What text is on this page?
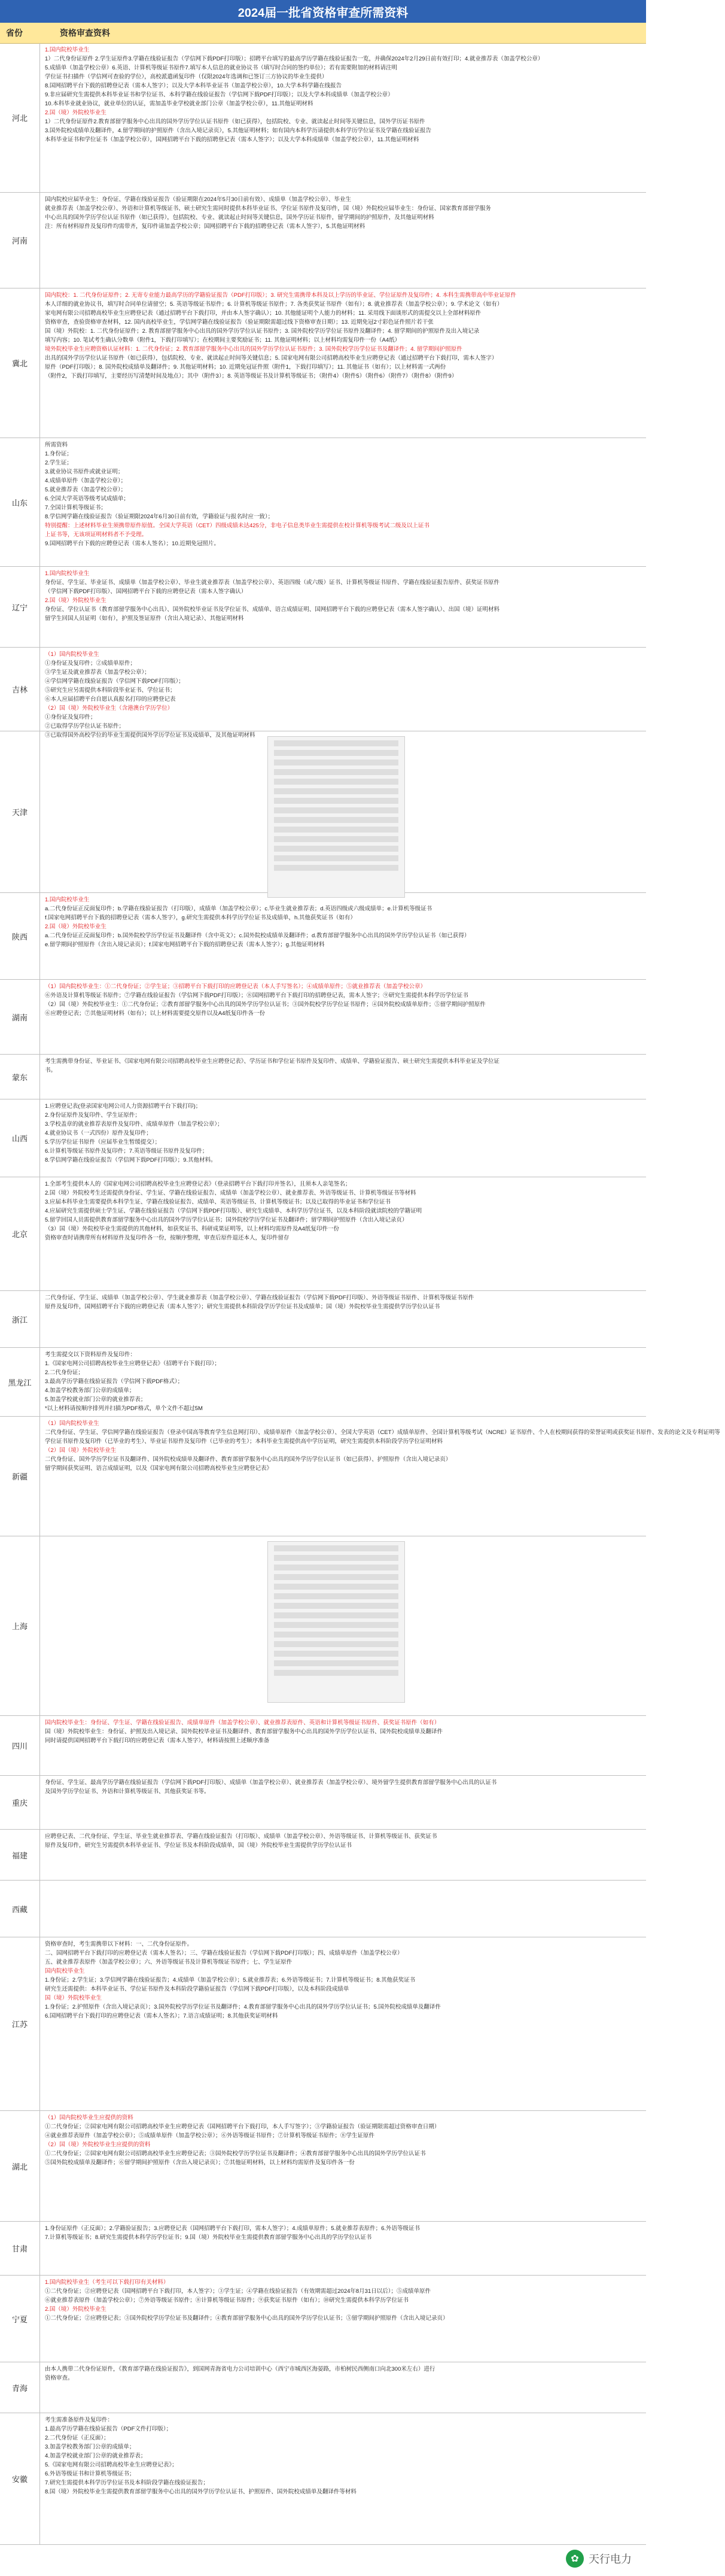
2024届一批省资格审查所需资料
省份	资格审查资料
河北
1.国内院校毕业生
1）二代身份证原件 2.学生证原件3.学籍在线验证报告（学信网下载PDF打印版）；招聘平台填写的最高学历学籍在线验证报告一览，并确保2024年2月29日前有效打印；4.就业推荐表（加盖学校公章）
5.成绩单（加盖学校公章）6.英语、计算机等级证书原件7.填写本人信息的就业协议书（填写时合同的签约单位）；若有需要附加的材料请注明
学位证书扫描件（学信网可查验的学位），高校派遣函复印件（仅限2024年选调和已签订三方协议的毕业生提供）
8.国网招聘平台下载的招聘登记表（需本人签字）；以及大学本科毕业证书（加盖学校公章），10.大学本科学籍在线报告
9.非应届研究生需提供本科毕业证书和学位证书、本科学籍在线验证报告（学信网下载PDF打印版）；以及大学本科成绩单（加盖学校公章）
10.本科毕业就业协议，就业单位的认证，需加盖毕业学校就业部门公章（加盖学校公章），11.其他证明材料
2.国（境）外院校毕业生
1）二代身份证原件2.教育部留学服务中心出具的国外学历学位认证书原件（如已获得），包括院校、专业、就读起止时间等关键信息，国外学历证书原件
3.国外院校成绩单及翻译件，4.留学期间的护照原件（含出入境记录页），5.其他证明材料；如有国内本科学历请提供本科学历学位证书及学籍在线验证报告
本科毕业证书和学位证书（加盖学校公章），国网招聘平台下载的招聘登记表（需本人签字）；以及大学本科成绩单（加盖学校公章），11.其他证明材料
河南
国内院校应届毕业生：身份证、学籍在线验证报告（验证期限在2024年5月30日前有效）、成绩单（加盖学校公章）、毕业生
就业推荐表（加盖学校公章）、外语和计算机等级证书、硕士研究生需同时提供本科毕业证书、学位证书原件及复印件，国（境）外院校应届毕业生：身份证、国家教育部留学服务
中心出具的国外学历学位认证书原件（如已获得），包括院校、专业、就读起止时间等关键信息，国外学历证书原件，留学期间的护照原件，及其他证明材料
注：所有材料原件及复印件均需带齐，复印件请加盖学校公章；国网招聘平台下载的招聘登记表（需本人签字），5.其他证明材料
冀北
国内院校：1. 二代身份证原件；2. 无寄专业能力最高学历的学籍验证报告（PDF打印版）；3. 研究生需携带本科及以上学历的毕业证、学位证原件及复印件；4. 本科生需携带高中毕业证原件
本人详细的就业协议书，填写时合同单位请留空；5. 英语等级证书原件；6. 计算机等级证书原件；7. 各类获奖证书原件（如有）；8. 就业推荐表（加盖学校公章）；9. 学术论文（如有）
家电网有限公司招聘高校毕业生应聘登记表（通过招聘平台下载打印，并由本人签字确认）；10. 其他能证明个人能力的材料；11. 采用线下面谈形式的需提交以上全部材料原件
资格审查，查验资格审查材料，12. 国内高校毕业生，学信网学籍在线验证报告（验证期限需超过线下资格审查日期）；13. 近期免冠2寸彩色证件照片若干张
国（境）外院校：1. 二代身份证原件；2. 教育部留学服务中心出具的国外学历学位认证书原件；3. 国外院校学历学位证书原件及翻译件；4. 留学期间的护照原件及出入境记录
填写内容；10. 笔试考生确认分数单（附件1，下载打印填写）；在校期间主要奖励证书；11. 其他证明材料；以上材料均需复印件一份（A4纸）
境外院校毕业生应聘资格认证材料：1. 二代身份证；2. 教育部留学服务中心出具的国外学历学位认证书原件；3. 国外院校学历学位证书及翻译件；4. 留学期间护照原件
出具的国外学历学位认证书原件（如已获得），包括院校、专业、就读起止时间等关键信息；5. 国家电网有限公司招聘高校毕业生应聘登记表（通过招聘平台下载打印，需本人签字）
原件（PDF打印版）；8. 国外院校成绩单及翻译件；9. 其他证明材料；10. 近期免冠证件照（附件1，下载打印填写）；11. 其他证书（如有）；以上材料需一式两份
（附件2，下载打印填写，主要经历写清楚时间及地点）；其中（附件3）；8. 英语等级证书及计算机等级证书；（附件4）（附件5）（附件6）（附件7）（附件8）（附件9）
山东
所需资料
1.身份证；
2.学生证；
3.就业协议书原件或就业证明；
4.成绩单原件（加盖学校公章）；
5.就业推荐表（加盖学校公章）；
6.全国大学英语等级考试成绩单；
7.全国计算机等级证书；
8.学信网学籍在线验证报告（验证期限2024年6月30日前有效，学籍验证与报名时应一致）；
特别提醒：上述材料毕业生须携带原件原值。全国大学英语（CET）四级成绩未达425分，非电子信息类毕业生需提供在校计算机等级考试二级及以上证书
上证书等，无该项证明材料者不予受理。
9.国网招聘平台下载的应聘登记表（需本人签名）；10.近期免冠照片。
辽宁
1.国内院校毕业生
身份证、学生证、毕业证书、成绩单（加盖学校公章）、毕业生就业推荐表（加盖学校公章）、英语四级（或六级）证书、计算机等级证书原件、学籍在线验证报告原件、获奖证书原件
（学信网下载PDF打印版）、国网招聘平台下载的应聘登记表（需本人签字确认）
2.国（境）外院校毕业生
身份证、学位认证书（教育部留学服务中心出具）、国外院校毕业证书及学位证书、成绩单、语言成绩证明、国网招聘平台下载的应聘登记表（需本人签字确认）、出国（境）证明材料
留学生回国人员证明（如有），护照及签证原件（含出入境记录）、其他证明材料
吉林
（1）国内院校毕业生
①身份证及复印件；②成绩单原件；
③学生证及就业推荐表（加盖学校公章）；
④学信网学籍在线验证报告（学信网下载PDF打印版）；
⑤研究生应另需提供本科阶段毕业证书、学位证书；
⑥本人应届招聘平台自愿认真报名打印的应聘登记表
（2）国（境）外院校毕业生（含港澳台学历学位）
①身份证及复印件；
②已取得学历学位认证书原件；
③已取得国外高校学位的毕业生需提供国外学历学位证书及成绩单，及其他证明材料
天津
陕西
1.国内院校毕业生
a.二代身份证正反面复印件；b.学籍在线验证报告（打印版），成绩单（加盖学校公章）；c.毕业生就业推荐表；d.英语四级或六级成绩单；e.计算机等级证书
f.国家电网招聘平台下载的招聘登记表（需本人签字），g.研究生需提供本科学历学位证书及成绩单，h.其他获奖证书（如有）
2.国（境）外院校毕业生
a.二代身份证正反面复印件；b.国外院校学历学位证书及翻译件（含中英文）；c.国外院校成绩单及翻译件；d.教育部留学服务中心出具的国外学历学位认证书（如已获得）
e.留学期间护照原件（含出入境记录页）；f.国家电网招聘平台下载的招聘登记表（需本人签字）；g.其他证明材料
湖南
（1）国内院校毕业生：①二代身份证；②学生证；③招聘平台下载打印的应聘登记表（本人手写签名）；④成绩单原件；⑤就业推荐表（加盖学校公章）
⑥外语及计算机等级证书原件；⑦学籍在线验证报告（学信网下载PDF打印版）；⑧国网招聘平台下载打印的招聘登记表，需本人签字；⑨研究生需提供本科学历学位证书
（2）国（境）外院校毕业生：①二代身份证；②教育部留学服务中心出具的国外学历学位认证书；③国外院校学历学位证书原件；④国外院校成绩单原件；⑤留学期间护照原件
⑥应聘登记表；⑦其他证明材料（如有）；以上材料需要提交原件以及A4纸复印件各一份
蒙东
考生需携带身份证、毕业证书、《国家电网有限公司招聘高校毕业生应聘登记表》、学历证书和学位证书原件及复印件、成绩单、学籍验证报告、硕士研究生需提供本科毕业证及学位证
书。
山西
1.应聘登记表(登录国家电网公司人力资源招聘平台下载打印)；
2.身份证原件及复印件、学生证原件；
3.学校盖章的就业推荐表原件及复印件、成绩单原件（加盖学校公章）；
4.就业协议书（一式四份）原件及复印件；
5.学历学位证书原件（应届毕业生暂缓提交）；
6.计算机等级证书原件及复印件；7.英语等级证书原件及复印件；
8.学信网学籍在线验证报告（学信网下载PDF打印版）；9.其他材料。
北京
1.全部考生提供本人的《国家电网公司招聘高校毕业生应聘登记表》（登录招聘平台下载打印并签名），且须本人亲笔签名；
2.国（境）外院校考生还需提供身份证、学生证、学籍在线验证报告、成绩单（加盖学校公章）、就业推荐表、外语等级证书、计算机等级证书等材料
3.应届本科毕业生需要提供本科学生证、学籍在线验证报告、成绩单、英语等级证书、计算机等级证书；以及已取得的毕业证书和学位证书
4.应届研究生需提供硕士学生证、学籍在线验证报告（学信网下载PDF打印版）、研究生成绩单、本科学历学位证书，以及本科阶段就读院校的学籍证明
5.留学回国人员需提供教育部留学服务中心出具的国外学历学位认证书；国外院校学历学位证书及翻译件；留学期间护照原件（含出入境记录页）
（3）国（境）外院校毕业生需提供的其他材料，如获奖证书、科研成果证明等，以上材料均需原件及A4纸复印件一份
资格审查时请携带所有材料原件及复印件各一份，按顺序整理，审查后原件退还本人，复印件留存
浙江
二代身份证、学生证、成绩单（加盖学校公章）、学生就业推荐表（加盖学校公章）、学籍在线验证报告（学信网下载PDF打印版）、外语等级证书原件、计算机等级证书原件
原件及复印件，国网招聘平台下载的应聘登记表（需本人签字）；研究生需提供本科阶段学历学位证书及成绩单；国（境）外院校毕业生需提供学历学位认证书
黑龙江
考生需提交以下资料原件及复印件：
1.《国家电网公司招聘高校毕业生应聘登记表》（招聘平台下载打印）；
2.二代身份证；
3.最高学历学籍在线验证报告（学信网下载PDF格式）；
4.加盖学校教务部门公章的成绩单；
5.加盖学校就业部门公章的就业推荐表；
*以上材料请按顺序排列并扫描为PDF格式，单个文件不超过5M
新疆
（1）国内院校毕业生
二代身份证、学生证、学信网学籍在线验证报告（登录中国高等教育学生信息网打印）、成绩单原件（加盖学校公章）、全国大学英语（CET）成绩单原件、全国计算机等级考试（NCRE）证书原件、个人在校期间获得的荣誉证明或获奖证书原件、发表的论文及专利证明等
学位证书原件及复印件（已毕业的考生）、毕业证书原件及复印件（已毕业的考生）；本科毕业生需提供高中学历证明，研究生需提供本科阶段学历学位证明材料
（2）国（境）外院校毕业生
二代身份证、国外学历学位证书及翻译件、国外院校成绩单及翻译件、教育部留学服务中心出具的国外学历学位认证书（如已获得）、护照原件（含出入境记录页）
留学期间获奖证明、语言成绩证明，以及《国家电网有限公司招聘高校毕业生应聘登记表》
上海
四川
国内院校毕业生：身份证、学生证、学籍在线验证报告、成绩单原件（加盖学校公章）、就业推荐表原件、英语和计算机等级证书原件、获奖证书原件（如有）
国（境）外院校毕业生：身份证、护照及出入境记录、国外院校毕业证书及翻译件、教育部留学服务中心出具的国外学历学位认证书、国外院校成绩单及翻译件
同时请提供国网招聘平台下载打印的应聘登记表（需本人签字），材料请按照上述顺序准备
重庆
身份证、学生证、最高学历学籍在线验证报告（学信网下载PDF打印版）、成绩单（加盖学校公章）、就业推荐表（加盖学校公章）、境外留学生提供教育部留学服务中心出具的认证书
及国外学历学位证书、外语和计算机等级证书、其他获奖证书等。
福建
应聘登记表、二代身份证、学生证、毕业生就业推荐表、学籍在线验证报告（打印版）、成绩单（加盖学校公章）、外语等级证书、计算机等级证书、获奖证书
原件及复印件，研究生另需提供本科毕业证书、学位证书及本科阶段成绩单，国（境）外院校毕业生需提供学历学位认证书
西藏
江苏
资格审查时，考生需携带以下材料：一、二代身份证原件。
二、国网招聘平台下载打印的应聘登记表（需本人签名）；三、学籍在线验证报告（学信网下载PDF打印版）；四、成绩单原件（加盖学校公章）
五、就业推荐表原件（加盖学校公章）；六、外语等级证书及计算机等级证书原件；七、学生证原件
国内院校毕业生
1.身份证；2.学生证；3.学信网学籍在线验证报告；4.成绩单（加盖学校公章）；5.就业推荐表；6.外语等级证书；7.计算机等级证书；8.其他获奖证书
研究生还需提供：本科毕业证书、学位证书原件及本科阶段学籍验证报告（学信网下载PDF打印版），以及本科阶段成绩单
国（境）外院校毕业生
1.身份证；2.护照原件（含出入境记录页）；3.国外院校学历学位证书及翻译件；4.教育部留学服务中心出具的国外学历学位认证书；5.国外院校成绩单及翻译件
6.国网招聘平台下载打印的应聘登记表（需本人签名）；7.语言成绩证明；8.其他获奖证明材料
湖北
（1）国内院校毕业生应提供的资料
①二代身份证；②国家电网有限公司招聘高校毕业生应聘登记表（国网招聘平台下载打印，本人手写签字）；③学籍验证报告（验证期限需超过资格审查日期）
④就业推荐表原件（加盖学校公章）；⑤成绩单原件（加盖学校公章）；⑥外语等级证书原件；⑦计算机等级证书原件；⑧学生证原件
（2）国（境）外院校毕业生应提供的资料
①二代身份证；②国家电网有限公司招聘高校毕业生应聘登记表；③国外院校学历学位证书及翻译件；④教育部留学服务中心出具的国外学历学位认证书
⑤国外院校成绩单及翻译件；⑥留学期间护照原件（含出入境记录页）；⑦其他证明材料，以上材料均需原件及复印件各一份
甘肃
1.身份证原件（正反面）；2.学籍验证报告；3.应聘登记表（国网招聘平台下载打印，需本人签字）；4.成绩单原件；5.就业推荐表原件；6.外语等级证书
7.计算机等级证书；8.研究生需提供本科学历学位证书；9.国（境）外院校毕业生需提供教育部留学服务中心出具的学历学位认证书
宁夏
1.国内院校毕业生（考生可以下载打印有关材料）
①二代身份证；②应聘登记表（国网招聘平台下载打印，本人签字）；③学生证；④学籍在线验证报告（有效期需超过2024年8月31日以后）；⑤成绩单原件
⑥就业推荐表原件（加盖学校公章）；⑦外语等级证书原件；⑧计算机等级证书原件；⑨获奖证书原件（如有）；⑩研究生需提供本科学历学位证书
2.国（境）外院校毕业生
①二代身份证；②应聘登记表；③国外院校学历学位证书及翻译件；④教育部留学服务中心出具的国外学历学位认证书；⑤留学期间护照原件（含出入境记录页）
青海
由本人携带二代身份证原件，《教育部学籍在线验证报告》，到国网青海省电力公司培训中心（西宁市城西区海晏路，市柏树民西侧南口向北300米左右）进行
资格审查。
安徽
考生需准备原件及复印件：
1.最高学历学籍在线验证报告（PDF文件打印版）；
2.二代身份证（正反面）；
3.加盖学校教务部门公章的成绩单；
4.加盖学校就业部门公章的就业推荐表；
5.《国家电网有限公司招聘高校毕业生应聘登记表》；
6.外语等级证书和计算机等级证书；
7.研究生需提供本科学历学位证书及本科阶段学籍在线验证报告；
8.国（境）外院校毕业生需提供教育部留学服务中心出具的国外学历学位认证书、护照原件、国外院校成绩单及翻译件等材料
✿ 天行电力
